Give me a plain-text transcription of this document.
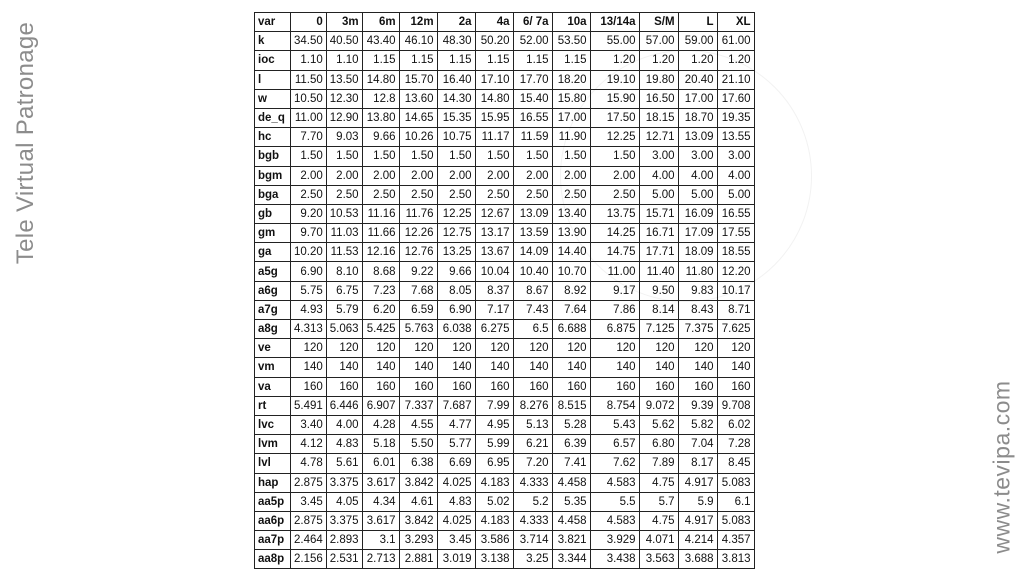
Tele Virtual Patronage
www.tevipa.com
var	0	3m	6m	12m	2a	4a	6/ 7a	10a	13/14a	S/M	L	XL
k	34.50	40.50	43.40	46.10	48.30	50.20	52.00	53.50	55.00	57.00	59.00	61.00
ioc	1.10	1.10	1.15	1.15	1.15	1.15	1.15	1.15	1.20	1.20	1.20	1.20
l	11.50	13.50	14.80	15.70	16.40	17.10	17.70	18.20	19.10	19.80	20.40	21.10
w	10.50	12.30	12.8	13.60	14.30	14.80	15.40	15.80	15.90	16.50	17.00	17.60
de_q	11.00	12.90	13.80	14.65	15.35	15.95	16.55	17.00	17.50	18.15	18.70	19.35
hc	7.70	9.03	9.66	10.26	10.75	11.17	11.59	11.90	12.25	12.71	13.09	13.55
bgb	1.50	1.50	1.50	1.50	1.50	1.50	1.50	1.50	1.50	3.00	3.00	3.00
bgm	2.00	2.00	2.00	2.00	2.00	2.00	2.00	2.00	2.00	4.00	4.00	4.00
bga	2.50	2.50	2.50	2.50	2.50	2.50	2.50	2.50	2.50	5.00	5.00	5.00
gb	9.20	10.53	11.16	11.76	12.25	12.67	13.09	13.40	13.75	15.71	16.09	16.55
gm	9.70	11.03	11.66	12.26	12.75	13.17	13.59	13.90	14.25	16.71	17.09	17.55
ga	10.20	11.53	12.16	12.76	13.25	13.67	14.09	14.40	14.75	17.71	18.09	18.55
a5g	6.90	8.10	8.68	9.22	9.66	10.04	10.40	10.70	11.00	11.40	11.80	12.20
a6g	5.75	6.75	7.23	7.68	8.05	8.37	8.67	8.92	9.17	9.50	9.83	10.17
a7g	4.93	5.79	6.20	6.59	6.90	7.17	7.43	7.64	7.86	8.14	8.43	8.71
a8g	4.313	5.063	5.425	5.763	6.038	6.275	6.5	6.688	6.875	7.125	7.375	7.625
ve	120	120	120	120	120	120	120	120	120	120	120	120
vm	140	140	140	140	140	140	140	140	140	140	140	140
va	160	160	160	160	160	160	160	160	160	160	160	160
rt	5.491	6.446	6.907	7.337	7.687	7.99	8.276	8.515	8.754	9.072	9.39	9.708
lvc	3.40	4.00	4.28	4.55	4.77	4.95	5.13	5.28	5.43	5.62	5.82	6.02
lvm	4.12	4.83	5.18	5.50	5.77	5.99	6.21	6.39	6.57	6.80	7.04	7.28
lvl	4.78	5.61	6.01	6.38	6.69	6.95	7.20	7.41	7.62	7.89	8.17	8.45
hap	2.875	3.375	3.617	3.842	4.025	4.183	4.333	4.458	4.583	4.75	4.917	5.083
aa5p	3.45	4.05	4.34	4.61	4.83	5.02	5.2	5.35	5.5	5.7	5.9	6.1
aa6p	2.875	3.375	3.617	3.842	4.025	4.183	4.333	4.458	4.583	4.75	4.917	5.083
aa7p	2.464	2.893	3.1	3.293	3.45	3.586	3.714	3.821	3.929	4.071	4.214	4.357
aa8p	2.156	2.531	2.713	2.881	3.019	3.138	3.25	3.344	3.438	3.563	3.688	3.813
